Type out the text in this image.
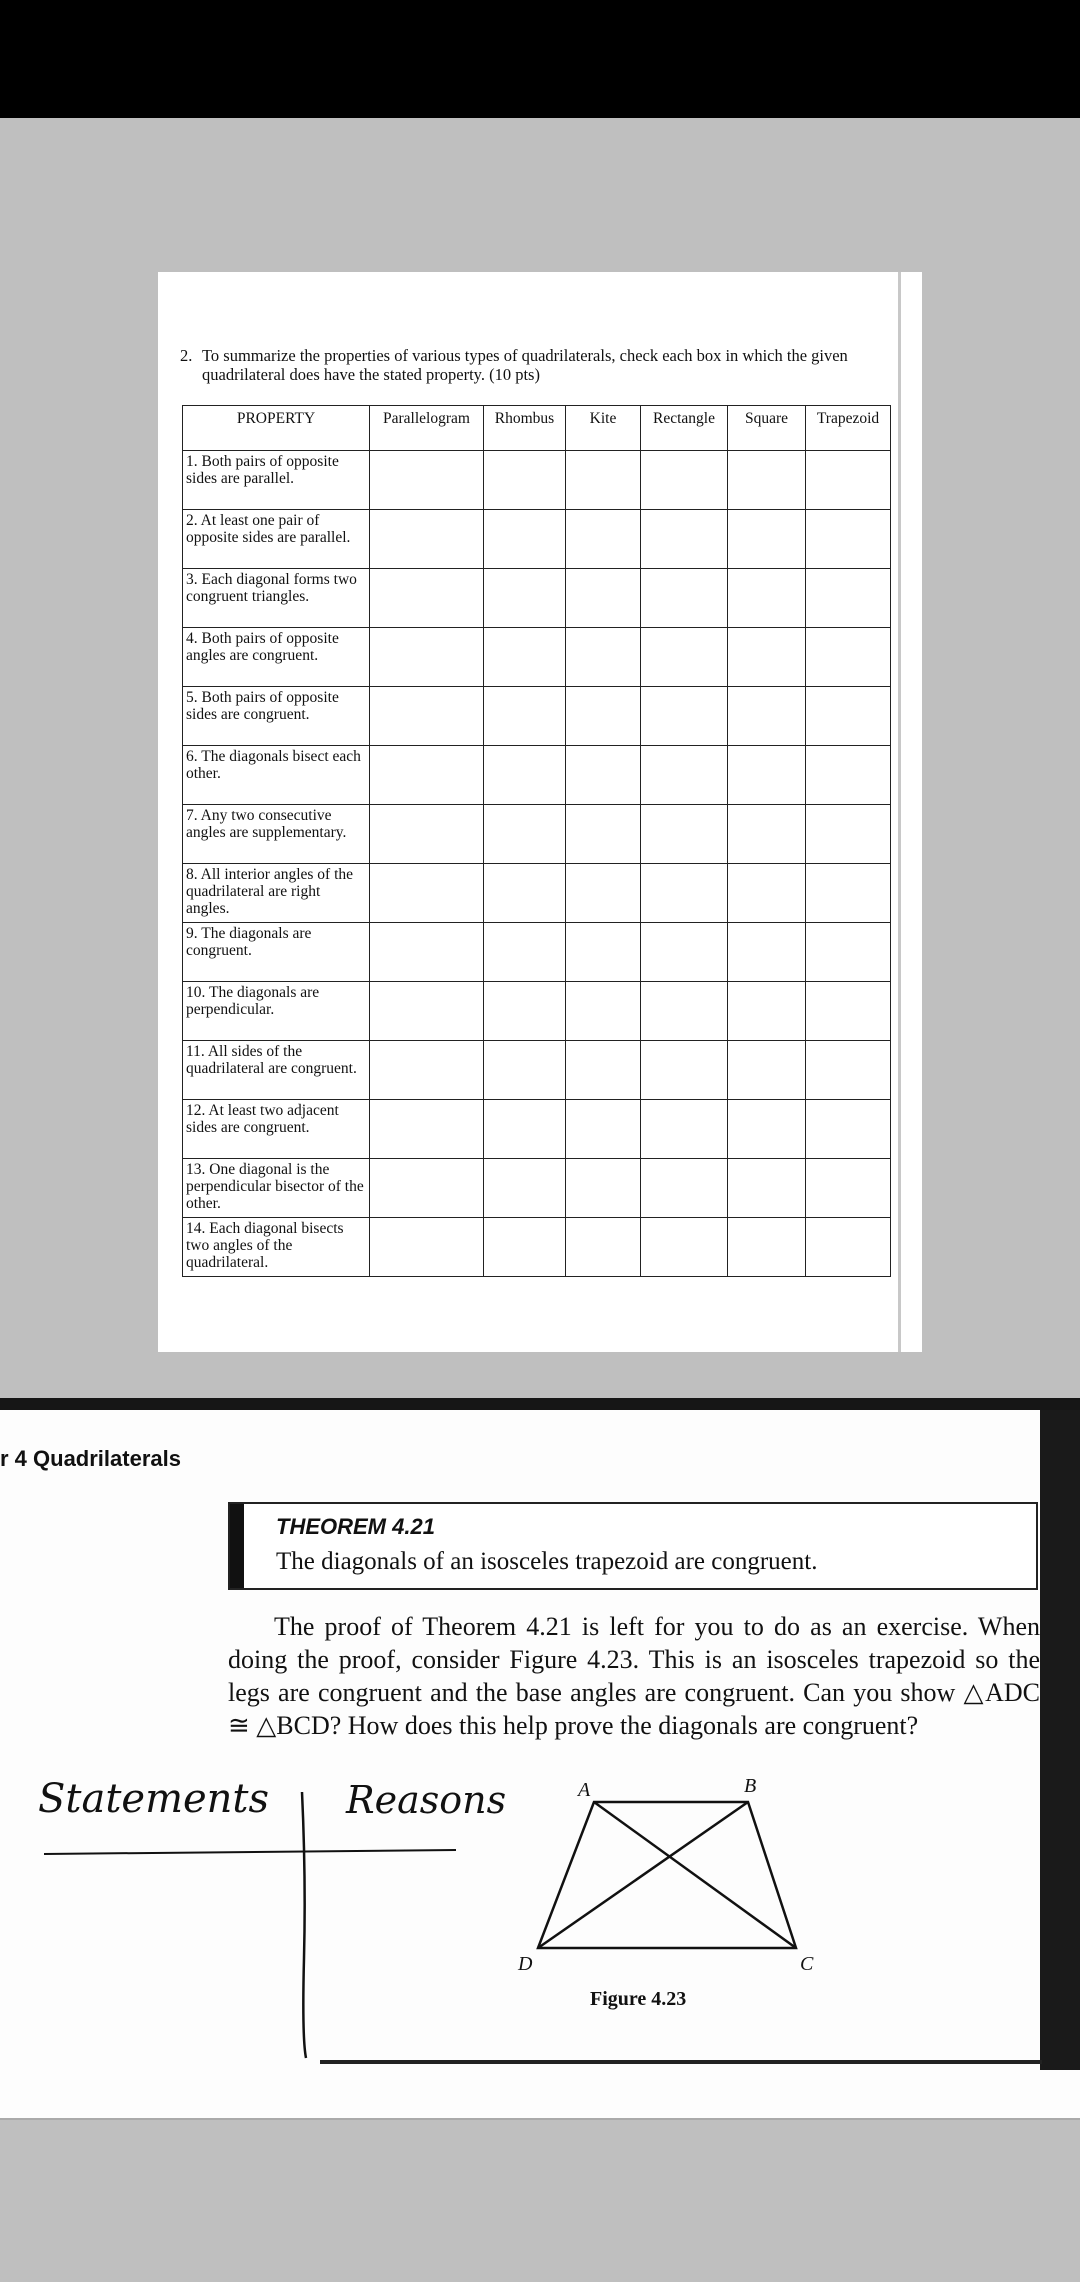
2. To summarize the properties of various types of quadrilaterals, check each box in which the given quadrilateral does have the stated property. (10 pts)
PROPERTY	Parallelogram	Rhombus	Kite	Rectangle	Square	Trapezoid
1. Both pairs of opposite sides are parallel.						
2. At least one pair of opposite sides are parallel.						
3. Each diagonal forms two congruent triangles.						
4. Both pairs of opposite angles are congruent.						
5. Both pairs of opposite sides are congruent.						
6. The diagonals bisect each other.						
7. Any two consecutive angles are supplementary.						
8. All interior angles of the quadrilateral are right angles.						
9. The diagonals are congruent.						
10. The diagonals are perpendicular.						
11. All sides of the quadrilateral are congruent.						
12. At least two adjacent sides are congruent.						
13. One diagonal is the perpendicular bisector of the other.						
14. Each diagonal bisects two angles of the quadrilateral.						
r 4 Quadrilaterals
THEOREM 4.21
The diagonals of an isosceles trapezoid are congruent.
The proof of Theorem 4.21 is left for you to do as an exercise. When doing the proof, consider Figure 4.23. This is an isosceles trapezoid so the legs are congruent and the base angles are congruent. Can you show △ADC ≅ △BCD? How does this help prove the diagonals are congruent?
Statements Reasons	A	B
C
D
Figure 4.23
